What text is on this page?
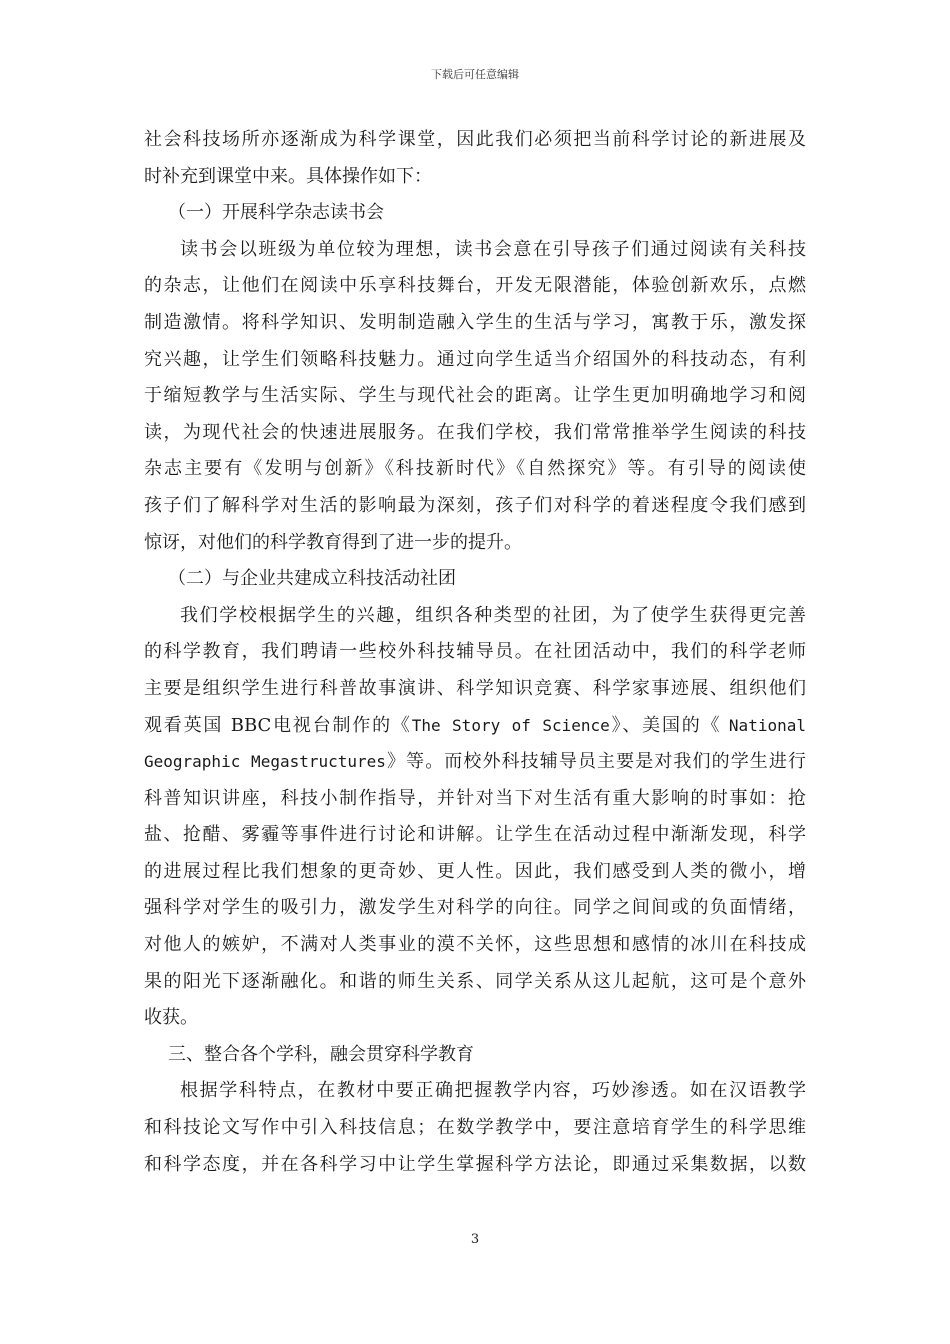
下载后可任意编辑
社会科技场所亦逐渐成为科学课堂，因此我们必须把当前科学讨论的新进展及
时补充到课堂中来。具体操作如下：
（一）开展科学杂志读书会
读书会以班级为单位较为理想，读书会意在引导孩子们通过阅读有关科技
的杂志，让他们在阅读中乐享科技舞台，开发无限潜能，体验创新欢乐，点燃
制造激情。将科学知识、发明制造融入学生的生活与学习，寓教于乐，激发探
究兴趣，让学生们领略科技魅力。通过向学生适当介绍国外的科技动态，有利
于缩短教学与生活实际、学生与现代社会的距离。让学生更加明确地学习和阅
读，为现代社会的快速进展服务。在我们学校，我们常常推举学生阅读的科技
杂志主要有《发明与创新》《科技新时代》《自然探究》等。有引导的阅读使
孩子们了解科学对生活的影响最为深刻，孩子们对科学的着迷程度令我们感到
惊讶，对他们的科学教育得到了进一步的提升。
（二）与企业共建成立科技活动社团
我们学校根据学生的兴趣，组织各种类型的社团，为了使学生获得更完善
的科学教育，我们聘请一些校外科技辅导员。在社团活动中，我们的科学老师
主要是组织学生进行科普故事演讲、科学知识竞赛、科学家事迹展、组织他们
观看英国 BBC电视台制作的《The Story of Science》、美国的《 National
Geographic Megastructures》等。而校外科技辅导员主要是对我们的学生进行
科普知识讲座，科技小制作指导，并针对当下对生活有重大影响的时事如：抢
盐、抢醋、雾霾等事件进行讨论和讲解。让学生在活动过程中渐渐发现，科学
的进展过程比我们想象的更奇妙、更人性。因此，我们感受到人类的微小，增
强科学对学生的吸引力，激发学生对科学的向往。同学之间间或的负面情绪，
对他人的嫉妒，不满对人类事业的漠不关怀，这些思想和感情的冰川在科技成
果的阳光下逐渐融化。和谐的师生关系、同学关系从这儿起航，这可是个意外
收获。
三、整合各个学科，融会贯穿科学教育
根据学科特点，在教材中要正确把握教学内容，巧妙渗透。如在汉语教学
和科技论文写作中引入科技信息；在数学教学中，要注意培育学生的科学思维
和科学态度，并在各科学习中让学生掌握科学方法论，即通过采集数据，以数
3
